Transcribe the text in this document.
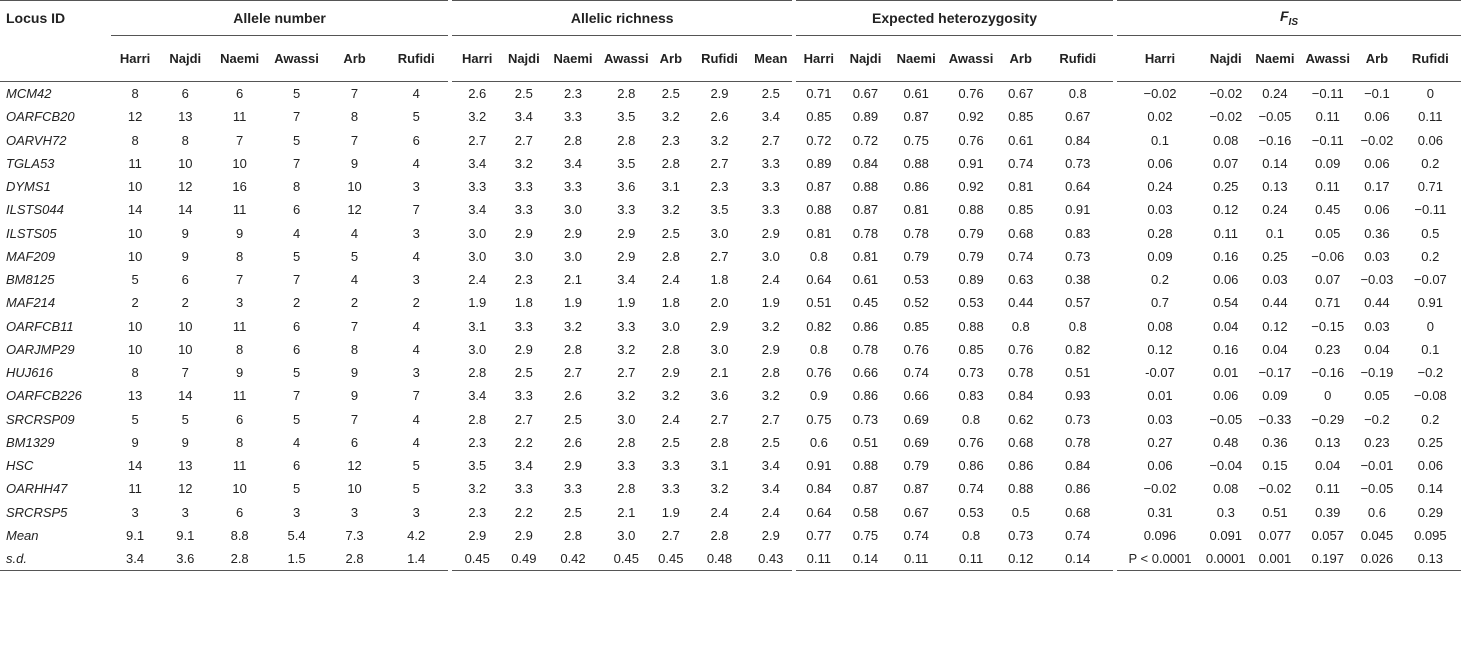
Locus ID	Allele number						Allelic richness							Expected heterozygosity						$F_{IS}$
	Harri	Najdi	Naemi	Awassi	Arb	Rufidi	Harri	Najdi	Naemi	Awassi	Arb	Rufidi	Mean	Harri	Najdi	Naemi	Awassi	Arb	Rufidi	Harri	Najdi	Naemi	Awassi	Arb	Rufidi
MCM42	8	6	6	5	7	4	2.6	2.5	2.3	2.8	2.5	2.9	2.5	0.71	0.67	0.61	0.76	0.67	0.8	−0.02	−0.02	0.24	−0.11	−0.1	0
OARFCB20	12	13	11	7	8	5	3.2	3.4	3.3	3.5	3.2	2.6	3.4	0.85	0.89	0.87	0.92	0.85	0.67	0.02	−0.02	−0.05	0.11	0.06	0.11
OARVH72	8	8	7	5	7	6	2.7	2.7	2.8	2.8	2.3	3.2	2.7	0.72	0.72	0.75	0.76	0.61	0.84	0.1	0.08	−0.16	−0.11	−0.02	0.06
TGLA53	11	10	10	7	9	4	3.4	3.2	3.4	3.5	2.8	2.7	3.3	0.89	0.84	0.88	0.91	0.74	0.73	0.06	0.07	0.14	0.09	0.06	0.2
DYMS1	10	12	16	8	10	3	3.3	3.3	3.3	3.6	3.1	2.3	3.3	0.87	0.88	0.86	0.92	0.81	0.64	0.24	0.25	0.13	0.11	0.17	0.71
ILSTS044	14	14	11	6	12	7	3.4	3.3	3.0	3.3	3.2	3.5	3.3	0.88	0.87	0.81	0.88	0.85	0.91	0.03	0.12	0.24	0.45	0.06	−0.11
ILSTS05	10	9	9	4	4	3	3.0	2.9	2.9	2.9	2.5	3.0	2.9	0.81	0.78	0.78	0.79	0.68	0.83	0.28	0.11	0.1	0.05	0.36	0.5
MAF209	10	9	8	5	5	4	3.0	3.0	3.0	2.9	2.8	2.7	3.0	0.8	0.81	0.79	0.79	0.74	0.73	0.09	0.16	0.25	−0.06	0.03	0.2
BM8125	5	6	7	7	4	3	2.4	2.3	2.1	3.4	2.4	1.8	2.4	0.64	0.61	0.53	0.89	0.63	0.38	0.2	0.06	0.03	0.07	−0.03	−0.07
MAF214	2	2	3	2	2	2	1.9	1.8	1.9	1.9	1.8	2.0	1.9	0.51	0.45	0.52	0.53	0.44	0.57	0.7	0.54	0.44	0.71	0.44	0.91
OARFCB11	10	10	11	6	7	4	3.1	3.3	3.2	3.3	3.0	2.9	3.2	0.82	0.86	0.85	0.88	0.8	0.8	0.08	0.04	0.12	−0.15	0.03	0
OARJMP29	10	10	8	6	8	4	3.0	2.9	2.8	3.2	2.8	3.0	2.9	0.8	0.78	0.76	0.85	0.76	0.82	0.12	0.16	0.04	0.23	0.04	0.1
HUJ616	8	7	9	5	9	3	2.8	2.5	2.7	2.7	2.9	2.1	2.8	0.76	0.66	0.74	0.73	0.78	0.51	-0.07	0.01	−0.17	−0.16	−0.19	−0.2
OARFCB226	13	14	11	7	9	7	3.4	3.3	2.6	3.2	3.2	3.6	3.2	0.9	0.86	0.66	0.83	0.84	0.93	0.01	0.06	0.09	0	0.05	−0.08
SRCRSP09	5	5	6	5	7	4	2.8	2.7	2.5	3.0	2.4	2.7	2.7	0.75	0.73	0.69	0.8	0.62	0.73	0.03	−0.05	−0.33	−0.29	−0.2	0.2
BM1329	9	9	8	4	6	4	2.3	2.2	2.6	2.8	2.5	2.8	2.5	0.6	0.51	0.69	0.76	0.68	0.78	0.27	0.48	0.36	0.13	0.23	0.25
HSC	14	13	11	6	12	5	3.5	3.4	2.9	3.3	3.3	3.1	3.4	0.91	0.88	0.79	0.86	0.86	0.84	0.06	−0.04	0.15	0.04	−0.01	0.06
OARHH47	11	12	10	5	10	5	3.2	3.3	3.3	2.8	3.3	3.2	3.4	0.84	0.87	0.87	0.74	0.88	0.86	−0.02	0.08	−0.02	0.11	−0.05	0.14
SRCRSP5	3	3	6	3	3	3	2.3	2.2	2.5	2.1	1.9	2.4	2.4	0.64	0.58	0.67	0.53	0.5	0.68	0.31	0.3	0.51	0.39	0.6	0.29
Mean	9.1	9.1	8.8	5.4	7.3	4.2	2.9	2.9	2.8	3.0	2.7	2.8	2.9	0.77	0.75	0.74	0.8	0.73	0.74	0.096	0.091	0.077	0.057	0.045	0.095
s.d.	3.4	3.6	2.8	1.5	2.8	1.4	0.45	0.49	0.42	0.45	0.45	0.48	0.43	0.11	0.14	0.11	0.11	0.12	0.14	P < 0.0001	0.0001	0.001	0.197	0.026	0.13
